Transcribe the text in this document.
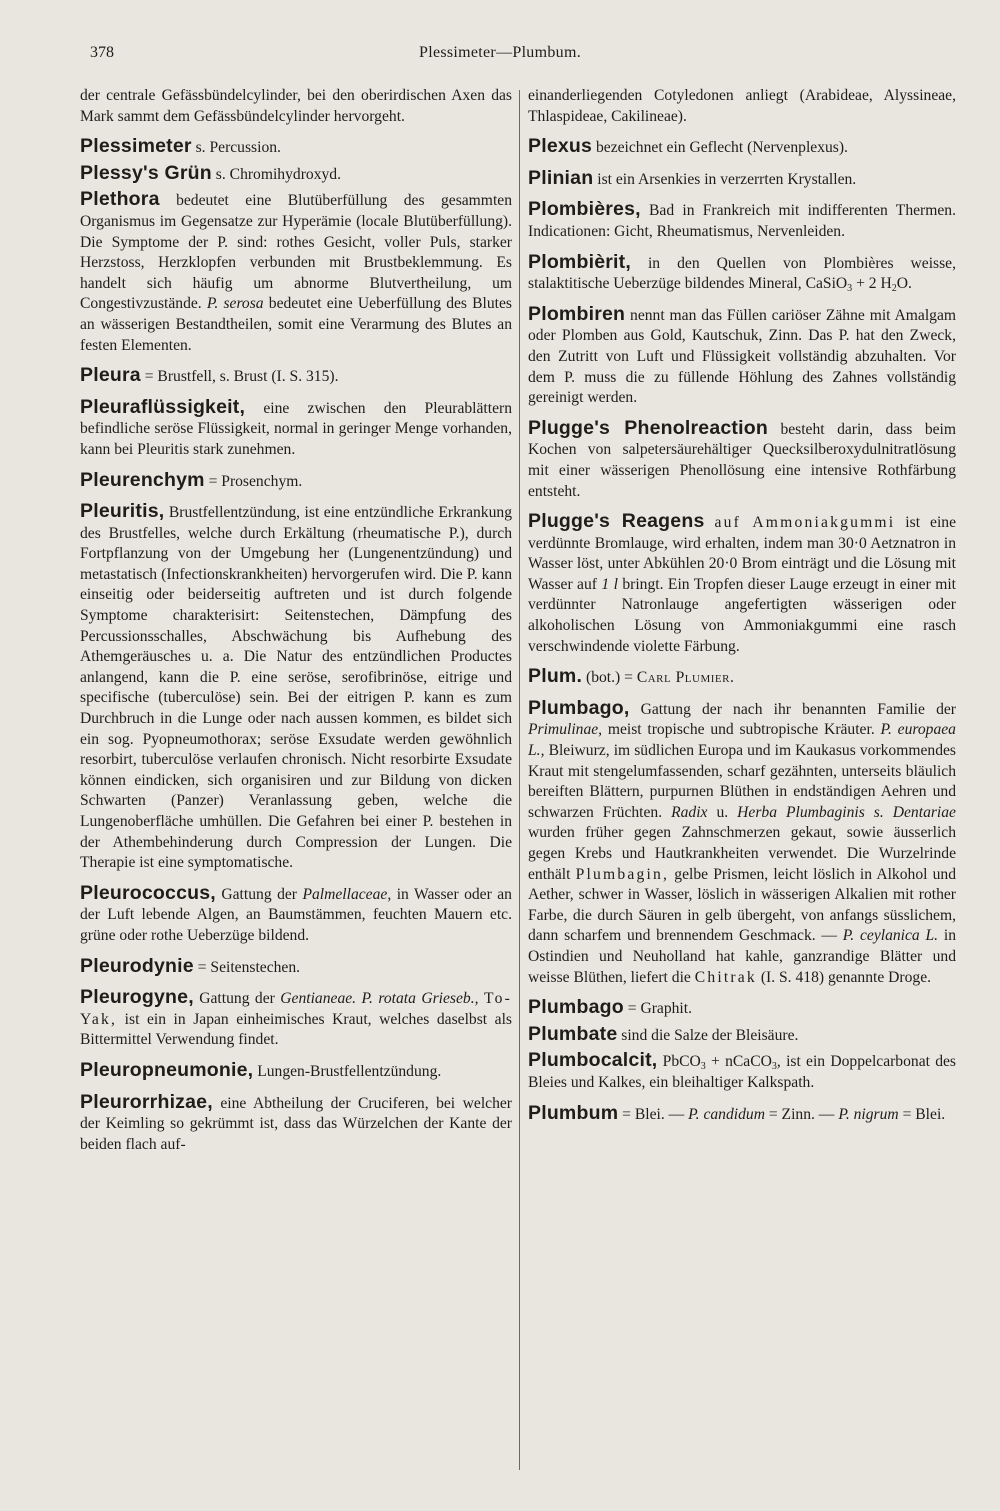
378	Plessimeter—Plumbum.

der centrale Gefässbündelcylinder, bei den oberirdischen Axen das Mark sammt dem Gefässbündelcylinder hervorgeht.

Plessimeter s. Percussion.

Plessy's Grün s. Chromihydroxyd.

Plethora bedeutet eine Blutüberfüllung des gesammten Organismus im Gegensatze zur Hyperämie (locale Blutüberfüllung). Die Symptome der P. sind: rothes Gesicht, voller Puls, starker Herzstoss, Herzklopfen verbunden mit Brustbeklemmung. Es handelt sich häufig um abnorme Blutvertheilung, um Congestivzustände. P. serosa bedeutet eine Ueberfüllung des Blutes an wässerigen Bestandtheilen, somit eine Verarmung des Blutes an festen Elementen.

Pleura = Brustfell, s. Brust (I. S. 315).

Pleuraflüssigkeit, eine zwischen den Pleurablättern befindliche seröse Flüssigkeit, normal in geringer Menge vorhanden, kann bei Pleuritis stark zunehmen.

Pleurenchym = Prosenchym.

Pleuritis, Brustfellentzündung, ist eine entzündliche Erkrankung des Brustfelles, welche durch Erkältung (rheumatische P.), durch Fortpflanzung von der Umgebung her (Lungenentzündung) und metastatisch (Infectionskrankheiten) hervorgerufen wird. Die P. kann einseitig oder beiderseitig auftreten und ist durch folgende Symptome charakterisirt: Seitenstechen, Dämpfung des Percussionsschalles, Abschwächung bis Aufhebung des Athemgeräusches u. a. Die Natur des entzündlichen Productes anlangend, kann die P. eine seröse, serofibrinöse, eitrige und specifische (tuberculöse) sein. Bei der eitrigen P. kann es zum Durchbruch in die Lunge oder nach aussen kommen, es bildet sich ein sog. Pyopneumothorax; seröse Exsudate werden gewöhnlich resorbirt, tuberculöse verlaufen chronisch. Nicht resorbirte Exsudate können eindicken, sich organisiren und zur Bildung von dicken Schwarten (Panzer) Veranlassung geben, welche die Lungenoberfläche umhüllen. Die Gefahren bei einer P. bestehen in der Athembehinderung durch Compression der Lungen. Die Therapie ist eine symptomatische.

Pleurococcus, Gattung der Palmellaceae, in Wasser oder an der Luft lebende Algen, an Baumstämmen, feuchten Mauern etc. grüne oder rothe Ueberzüge bildend.

Pleurodynie = Seitenstechen.

Pleurogyne, Gattung der Gentianeae. P. rotata Grieseb., To-Yak, ist ein in Japan einheimisches Kraut, welches daselbst als Bittermittel Verwendung findet.

Pleuropneumonie, Lungen-Brustfellentzündung.

Pleurorrhizae, eine Abtheilung der Cruciferen, bei welcher der Keimling so gekrümmt ist, dass das Würzelchen der Kante der beiden flach auf-

einanderliegenden Cotyledonen anliegt (Arabideae, Alyssineae, Thlaspideae, Cakilineae).

Plexus bezeichnet ein Geflecht (Nervenplexus).

Plinian ist ein Arsenkies in verzerrten Krystallen.

Plombières, Bad in Frankreich mit indifferenten Thermen. Indicationen: Gicht, Rheumatismus, Nervenleiden.

Plombièrit, in den Quellen von Plombières weisse, stalaktitische Ueberzüge bildendes Mineral, CaSiO$_3$ + 2 $H_2O$.

Plombiren nennt man das Füllen cariöser Zähne mit Amalgam oder Plomben aus Gold, Kautschuk, Zinn. Das P. hat den Zweck, den Zutritt von Luft und Flüssigkeit vollständig abzuhalten. Vor dem P. muss die zu füllende Höhlung des Zahnes vollständig gereinigt werden.

Plugge's Phenolreaction besteht darin, dass beim Kochen von salpetersäurehältiger Quecksilberoxydulnitratlösung mit einer wässerigen Phenollösung eine intensive Rothfärbung entsteht.

Plugge's Reagens auf Ammoniakgummi ist eine verdünnte Bromlauge, wird erhalten, indem man 30·0 Aetznatron in Wasser löst, unter Abkühlen 20·0 Brom einträgt und die Lösung mit Wasser auf 1 l bringt. Ein Tropfen dieser Lauge erzeugt in einer mit verdünnter Natronlauge angefertigten wässerigen oder alkoholischen Lösung von Ammoniakgummi eine rasch verschwindende violette Färbung.

Plum. (bot.) = Carl Plumier.

Plumbago, Gattung der nach ihr benannten Familie der Primulinae, meist tropische und subtropische Kräuter. P. europaea L., Bleiwurz, im südlichen Europa und im Kaukasus vorkommendes Kraut mit stengelumfassenden, scharf gezähnten, unterseits bläulich bereiften Blättern, purpurnen Blüthen in endständigen Aehren und schwarzen Früchten. Radix u. Herba Plumbaginis s. Dentariae wurden früher gegen Zahnschmerzen gekaut, sowie äusserlich gegen Krebs und Hautkrankheiten verwendet. Die Wurzelrinde enthält Plumbagin, gelbe Prismen, leicht löslich in Alkohol und Aether, schwer in Wasser, löslich in wässerigen Alkalien mit rother Farbe, die durch Säuren in gelb übergeht, von anfangs süsslichem, dann scharfem und brennendem Geschmack. — P. ceylanica L. in Ostindien und Neuholland hat kahle, ganzrandige Blätter und weisse Blüthen, liefert die Chitrak (I. S. 418) genannte Droge.

Plumbago = Graphit.

Plumbate sind die Salze der Bleisäure.

Plumbocalcit, PbCO$_3$ + nCaCO$_3$, ist ein Doppelcarbonat des Bleies und Kalkes, ein bleihaltiger Kalkspath.

Plumbum = Blei. — P. candidum = Zinn. — P. nigrum = Blei.
